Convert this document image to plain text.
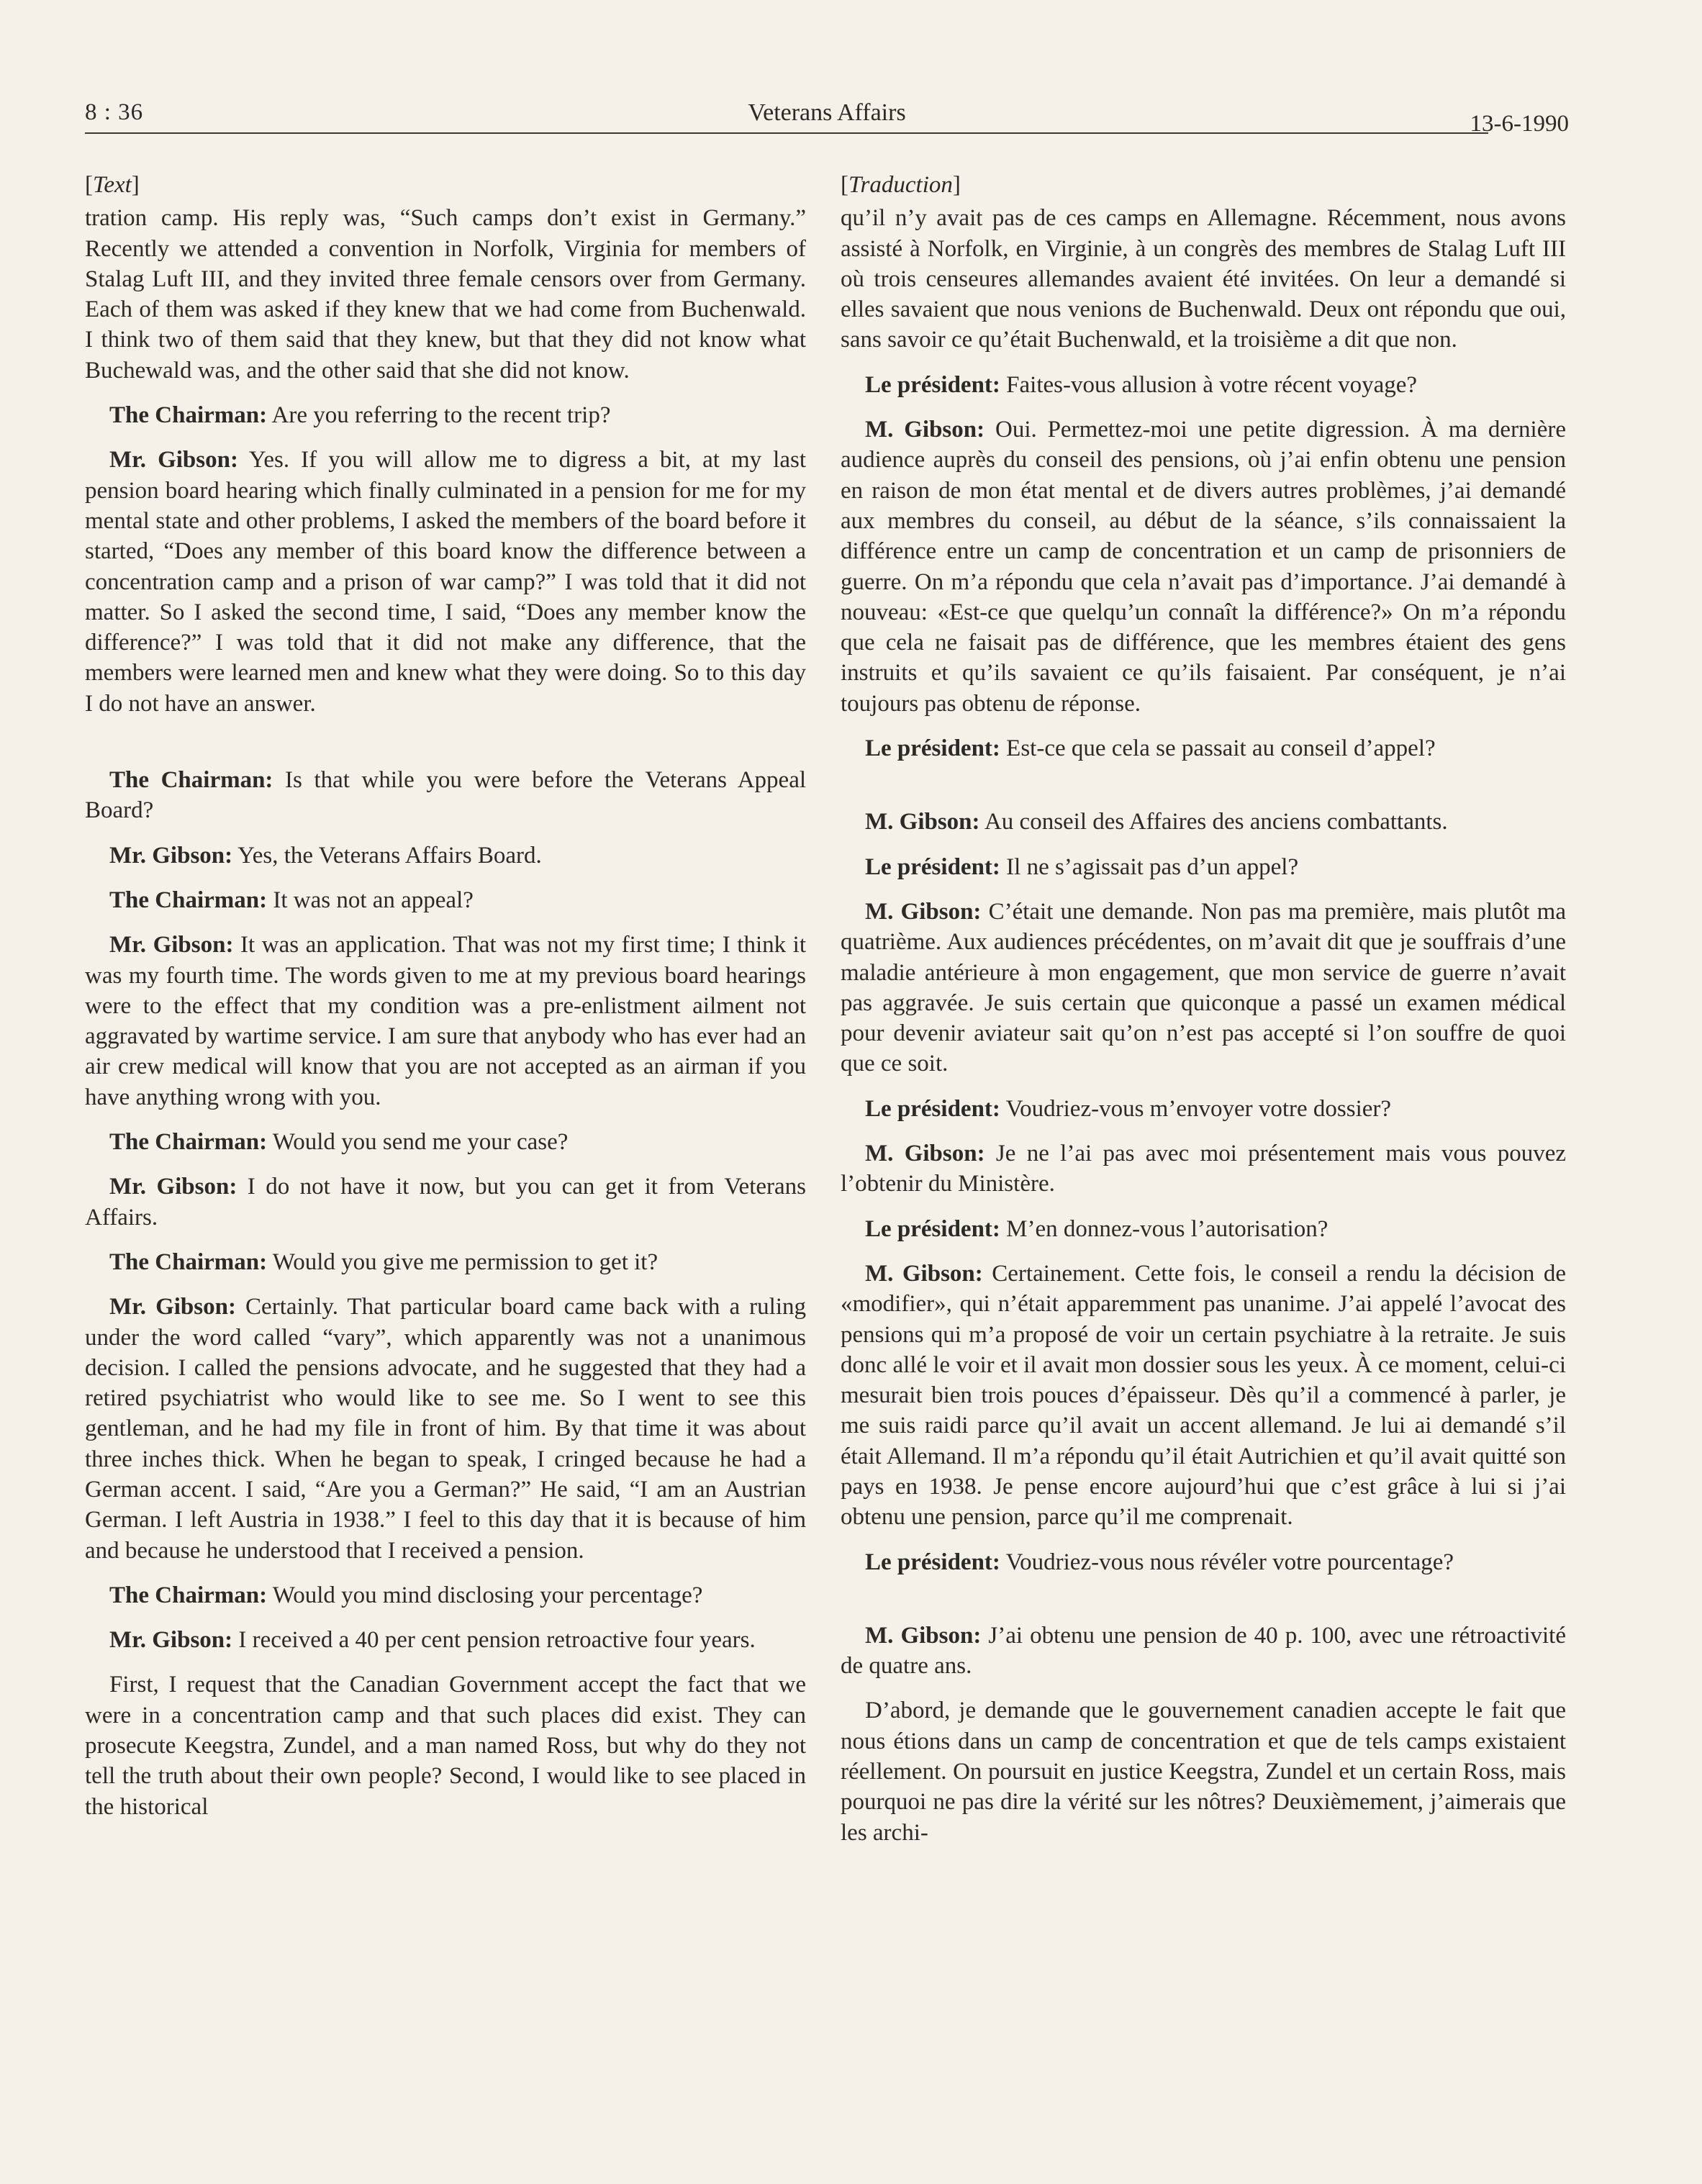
8 : 36	Veterans Affairs	13-6-1990

[Text]

tration camp. His reply was, “Such camps don’t exist in Germany.” Recently we attended a convention in Norfolk, Virginia for members of Stalag Luft III, and they invited three female censors over from Germany. Each of them was asked if they knew that we had come from Buchenwald. I think two of them said that they knew, but that they did not know what Buchewald was, and the other said that she did not know.

The Chairman: Are you referring to the recent trip?

Mr. Gibson: Yes. If you will allow me to digress a bit, at my last pension board hearing which finally culminated in a pension for me for my mental state and other problems, I asked the members of the board before it started, “Does any member of this board know the difference between a concentration camp and a prison of war camp?” I was told that it did not matter. So I asked the second time, I said, “Does any member know the difference?” I was told that it did not make any difference, that the members were learned men and knew what they were doing. So to this day I do not have an answer.

The Chairman: Is that while you were before the Veterans Appeal Board?

Mr. Gibson: Yes, the Veterans Affairs Board.

The Chairman: It was not an appeal?

Mr. Gibson: It was an application. That was not my first time; I think it was my fourth time. The words given to me at my previous board hearings were to the effect that my condition was a pre-enlistment ailment not aggravated by wartime service. I am sure that anybody who has ever had an air crew medical will know that you are not accepted as an airman if you have anything wrong with you.

The Chairman: Would you send me your case?

Mr. Gibson: I do not have it now, but you can get it from Veterans Affairs.

The Chairman: Would you give me permission to get it?

Mr. Gibson: Certainly. That particular board came back with a ruling under the word called “vary”, which apparently was not a unanimous decision. I called the pensions advocate, and he suggested that they had a retired psychiatrist who would like to see me. So I went to see this gentleman, and he had my file in front of him. By that time it was about three inches thick. When he began to speak, I cringed because he had a German accent. I said, “Are you a German?” He said, “I am an Austrian German. I left Austria in 1938.” I feel to this day that it is because of him and because he understood that I received a pension.

The Chairman: Would you mind disclosing your percentage?

Mr. Gibson: I received a 40 per cent pension retroactive four years.

First, I request that the Canadian Government accept the fact that we were in a concentration camp and that such places did exist. They can prosecute Keegstra, Zundel, and a man named Ross, but why do they not tell the truth about their own people? Second, I would like to see placed in the historical

[Traduction]

qu’il n’y avait pas de ces camps en Allemagne. Récemment, nous avons assisté à Norfolk, en Virginie, à un congrès des membres de Stalag Luft III où trois censeures allemandes avaient été invitées. On leur a demandé si elles savaient que nous venions de Buchenwald. Deux ont répondu que oui, sans savoir ce qu’était Buchenwald, et la troisième a dit que non.

Le président: Faites-vous allusion à votre récent voyage?

M. Gibson: Oui. Permettez-moi une petite digression. À ma dernière audience auprès du conseil des pensions, où j’ai enfin obtenu une pension en raison de mon état mental et de divers autres problèmes, j’ai demandé aux membres du conseil, au début de la séance, s’ils connaissaient la différence entre un camp de concentration et un camp de prisonniers de guerre. On m’a répondu que cela n’avait pas d’importance. J’ai demandé à nouveau: «Est-ce que quelqu’un connaît la différence?» On m’a répondu que cela ne faisait pas de différence, que les membres étaient des gens instruits et qu’ils savaient ce qu’ils faisaient. Par conséquent, je n’ai toujours pas obtenu de réponse.

Le président: Est-ce que cela se passait au conseil d’appel?

M. Gibson: Au conseil des Affaires des anciens combattants.

Le président: Il ne s’agissait pas d’un appel?

M. Gibson: C’était une demande. Non pas ma première, mais plutôt ma quatrième. Aux audiences précédentes, on m’avait dit que je souffrais d’une maladie antérieure à mon engagement, que mon service de guerre n’avait pas aggravée. Je suis certain que quiconque a passé un examen médical pour devenir aviateur sait qu’on n’est pas accepté si l’on souffre de quoi que ce soit.

Le président: Voudriez-vous m’envoyer votre dossier?

M. Gibson: Je ne l’ai pas avec moi présentement mais vous pouvez l’obtenir du Ministère.

Le président: M’en donnez-vous l’autorisation?

M. Gibson: Certainement. Cette fois, le conseil a rendu la décision de «modifier», qui n’était apparemment pas unanime. J’ai appelé l’avocat des pensions qui m’a proposé de voir un certain psychiatre à la retraite. Je suis donc allé le voir et il avait mon dossier sous les yeux. À ce moment, celui-ci mesurait bien trois pouces d’épaisseur. Dès qu’il a commencé à parler, je me suis raidi parce qu’il avait un accent allemand. Je lui ai demandé s’il était Allemand. Il m’a répondu qu’il était Autrichien et qu’il avait quitté son pays en 1938. Je pense encore aujourd’hui que c’est grâce à lui si j’ai obtenu une pension, parce qu’il me comprenait.

Le président: Voudriez-vous nous révéler votre pourcentage?

M. Gibson: J’ai obtenu une pension de 40 p. 100, avec une rétroactivité de quatre ans.

D’abord, je demande que le gouvernement canadien accepte le fait que nous étions dans un camp de concentration et que de tels camps existaient réellement. On poursuit en justice Keegstra, Zundel et un certain Ross, mais pourquoi ne pas dire la vérité sur les nôtres? Deuxièmement, j’aimerais que les archi-
